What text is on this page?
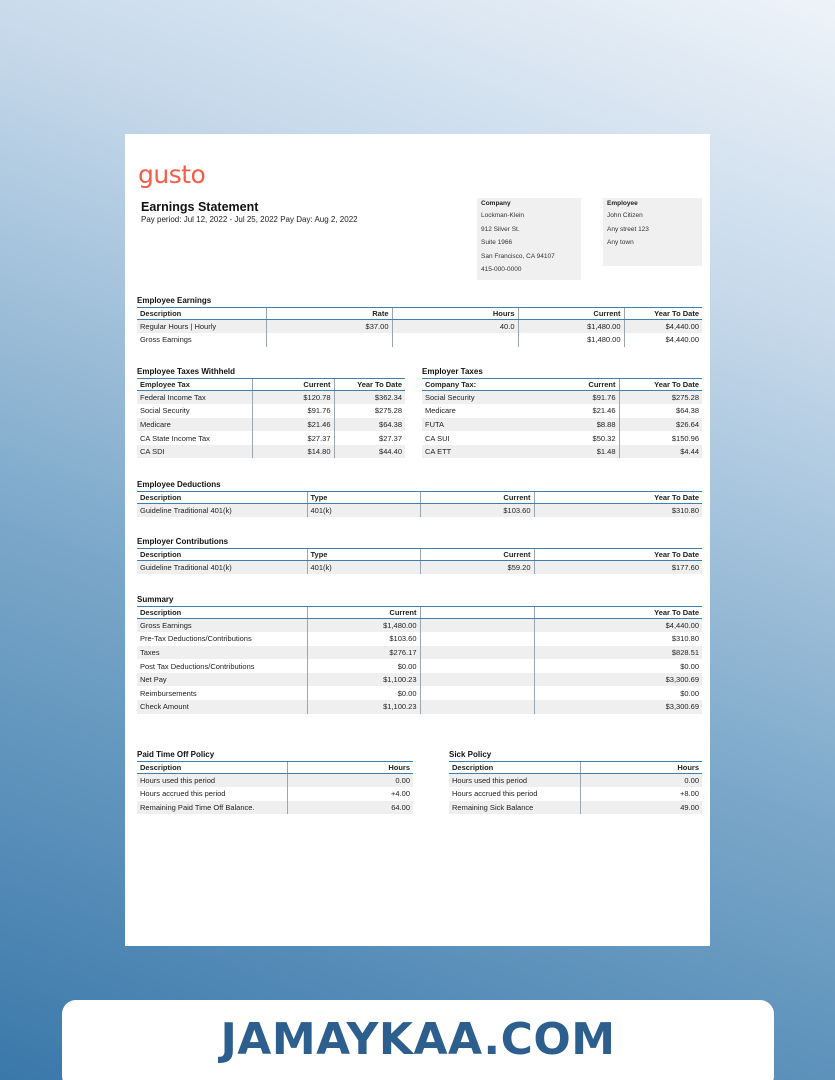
gusto
Earnings Statement
Pay period: Jul 12, 2022 - Jul 25, 2022 Pay Day: Aug 2, 2022
Company
Lockman-Klein
912 Silver St.
Suite 1966
San Francisco, CA 94107
415-000-0000
Employee
John Citizen
Any street 123
Any town
Employee Earnings
Description	Rate	Hours	Current	Year To Date
Regular Hours | Hourly	$37.00	40.0	$1,480.00	$4,440.00
Gross Earnings			$1,480.00	$4,440.00
Employee Taxes Withheld
Employee Tax	Current	Year To Date
Federal Income Tax	$120.78	$362.34
Social Security	$91.76	$275.28
Medicare	$21.46	$64.38
CA State Income Tax	$27.37	$27.37
CA SDI	$14.80	$44.40
Employer Taxes
Company Tax:	Current	Year To Date
Social Security	$91.76	$275.28
Medicare	$21.46	$64.38
FUTA	$8.88	$26.64
CA SUI	$50.32	$150.96
CA ETT	$1.48	$4.44
Employee Deductions
Description	Type	Current	Year To Date
Guideline Traditional 401(k)	401(k)	$103.60	$310.80
Employer Contributions
Description	Type	Current	Year To Date
Guideline Traditional 401(k)	401(k)	$59.20	$177.60
Summary
Description	Current		Year To Date
Gross Earnings	$1,480.00		$4,440.00
Pre-Tax Deductions/Contributions	$103.60		$310.80
Taxes	$276.17		$828.51
Post Tax Deductions/Contributions	$0.00		$0.00
Net Pay	$1,100.23		$3,300.69
Reimbursements	$0.00		$0.00
Check Amount	$1,100.23		$3,300.69
Paid Time Off Policy
Description	Hours
Hours used this period	0.00
Hours accrued this period	+4.00
Remaining Paid Time Off Balance.	64.00
Sick Policy
Description	Hours
Hours used this period	0.00
Hours accrued this period	+8.00
Remaining Sick Balance	49.00
JAMAYKAA.COM
